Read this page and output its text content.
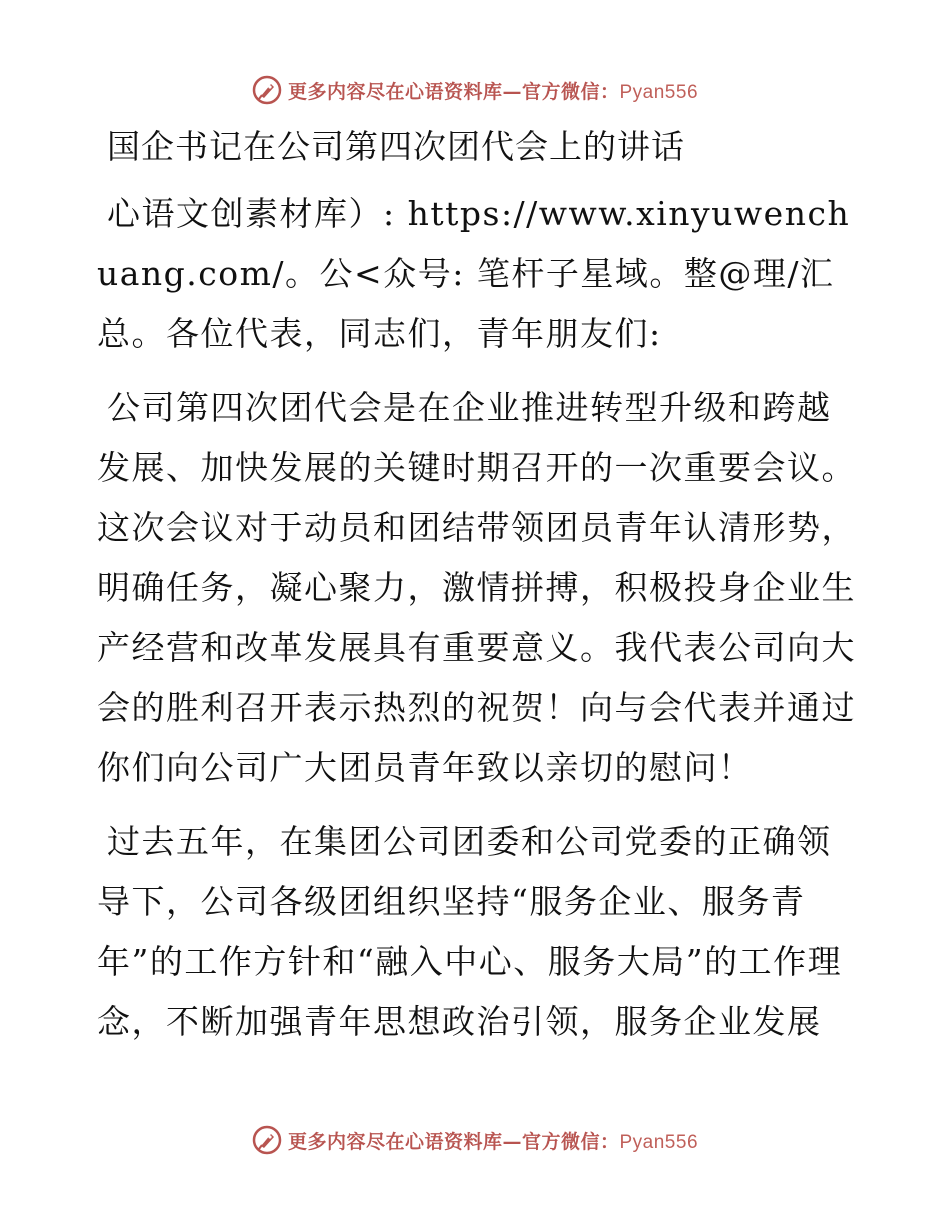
更多内容尽在心语资料库—官方微信：Pyan556
国企书记在公司第四次团代会上的讲话

心语文创素材库）: https://www.xinyuwenchuang.com/。公<众号: 笔杆子星域。整@理/汇总。各位代表，同志们，青年朋友们:

公司第四次团代会是在企业推进转型升级和跨越发展、加快发展的关键时期召开的一次重要会议。这次会议对于动员和团结带领团员青年认清形势，明确任务，凝心聚力，激情拼搏，积极投身企业生产经营和改革发展具有重要意义。我代表公司向大会的胜利召开表示热烈的祝贺！向与会代表并通过你们向公司广大团员青年致以亲切的慰问！

过去五年，在集团公司团委和公司党委的正确领导下，公司各级团组织坚持“服务企业、服务青年”的工作方针和“融入中心、服务大局”的工作理念，不断加强青年思想政治引领，服务企业发展

更多内容尽在心语资料库—官方微信：Pyan556
